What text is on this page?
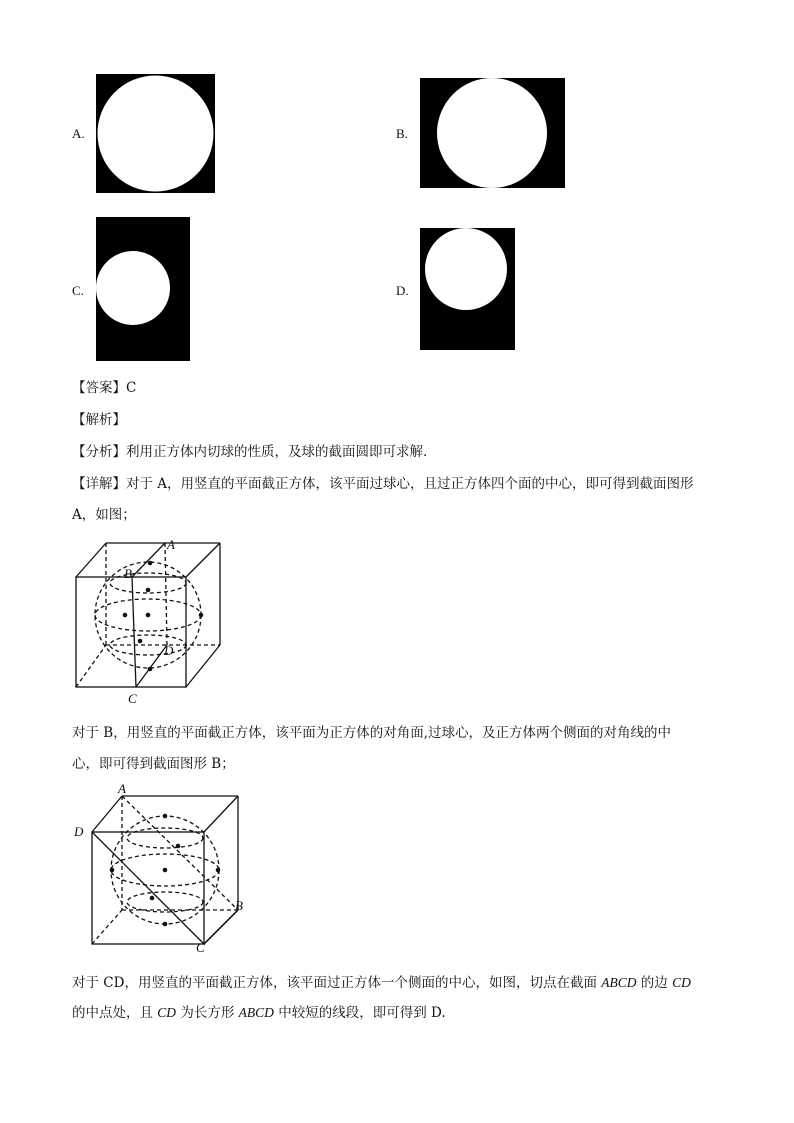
A.	B.
C.	D.
【答案】C
【解析】
【分析】利用正方体内切球的性质，及球的截面圆即可求解.
【详解】对于 A，用竖直的平面截正方体，该平面过球心，且过正方体四个面的中心，即可得到截面图形
A，如图；
A
B
D
C
对于 B，用竖直的平面截正方体，该平面为正方体的对角面,过球心，及正方体两个侧面的对角线的中
心，即可得到截面图形 B；
A
D
B
C
对于 CD，用竖直的平面截正方体，该平面过正方体一个侧面的中心，如图，切点在截面 ABCD 的边 CD
的中点处，且 CD 为长方形 ABCD 中较短的线段，即可得到 D.
